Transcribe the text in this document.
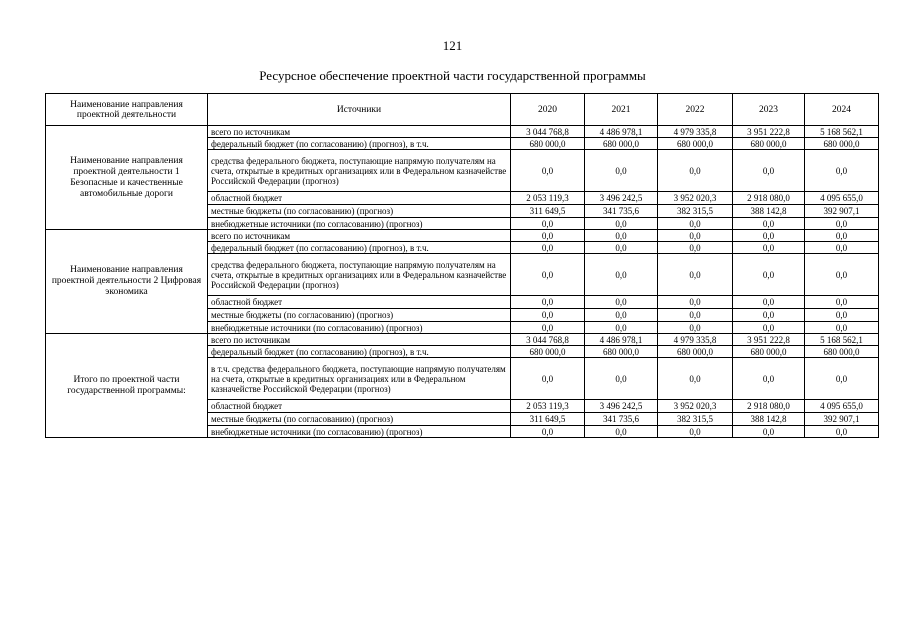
121
Ресурсное обеспечение проектной части государственной программы
Наименование направления проектной деятельности	Источники	2020	2021	2022	2023	2024
Наименование направления проектной деятельности 1 Безопасные и качественные автомобильные дороги	всего по источникам	3 044 768,8	4 486 978,1	4 979 335,8	3 951 222,8	5 168 562,1
	федеральный бюджет (по согласованию) (прогноз), в т.ч.	680 000,0	680 000,0	680 000,0	680 000,0	680 000,0
	средства федерального бюджета, поступающие напрямую получателям на счета, открытые в кредитных организациях или в Федеральном казначействе Российской Федерации (прогноз)	0,0	0,0	0,0	0,0	0,0
	областной бюджет	2 053 119,3	3 496 242,5	3 952 020,3	2 918 080,0	4 095 655,0
	местные бюджеты (по согласованию) (прогноз)	311 649,5	341 735,6	382 315,5	388 142,8	392 907,1
	внебюджетные источники (по согласованию) (прогноз)	0,0	0,0	0,0	0,0	0,0
Наименование направления проектной деятельности 2 Цифровая экономика	всего по источникам	0,0	0,0	0,0	0,0	0,0
	федеральный бюджет (по согласованию) (прогноз), в т.ч.	0,0	0,0	0,0	0,0	0,0
	средства федерального бюджета, поступающие напрямую получателям на счета, открытые в кредитных организациях или в Федеральном казначействе Российской Федерации (прогноз)	0,0	0,0	0,0	0,0	0,0
	областной бюджет	0,0	0,0	0,0	0,0	0,0
	местные бюджеты (по согласованию) (прогноз)	0,0	0,0	0,0	0,0	0,0
	внебюджетные источники (по согласованию) (прогноз)	0,0	0,0	0,0	0,0	0,0
Итого по проектной части государственной программы:	всего по источникам	3 044 768,8	4 486 978,1	4 979 335,8	3 951 222,8	5 168 562,1
	федеральный бюджет (по согласованию) (прогноз), в т.ч.	680 000,0	680 000,0	680 000,0	680 000,0	680 000,0
	в т.ч. средства федерального бюджета, поступающие напрямую получателям на счета, открытые в кредитных организациях или в Федеральном казначействе Российской Федерации (прогноз)	0,0	0,0	0,0	0,0	0,0
	областной бюджет	2 053 119,3	3 496 242,5	3 952 020,3	2 918 080,0	4 095 655,0
	местные бюджеты (по согласованию) (прогноз)	311 649,5	341 735,6	382 315,5	388 142,8	392 907,1
	внебюджетные источники (по согласованию) (прогноз)	0,0	0,0	0,0	0,0	0,0
